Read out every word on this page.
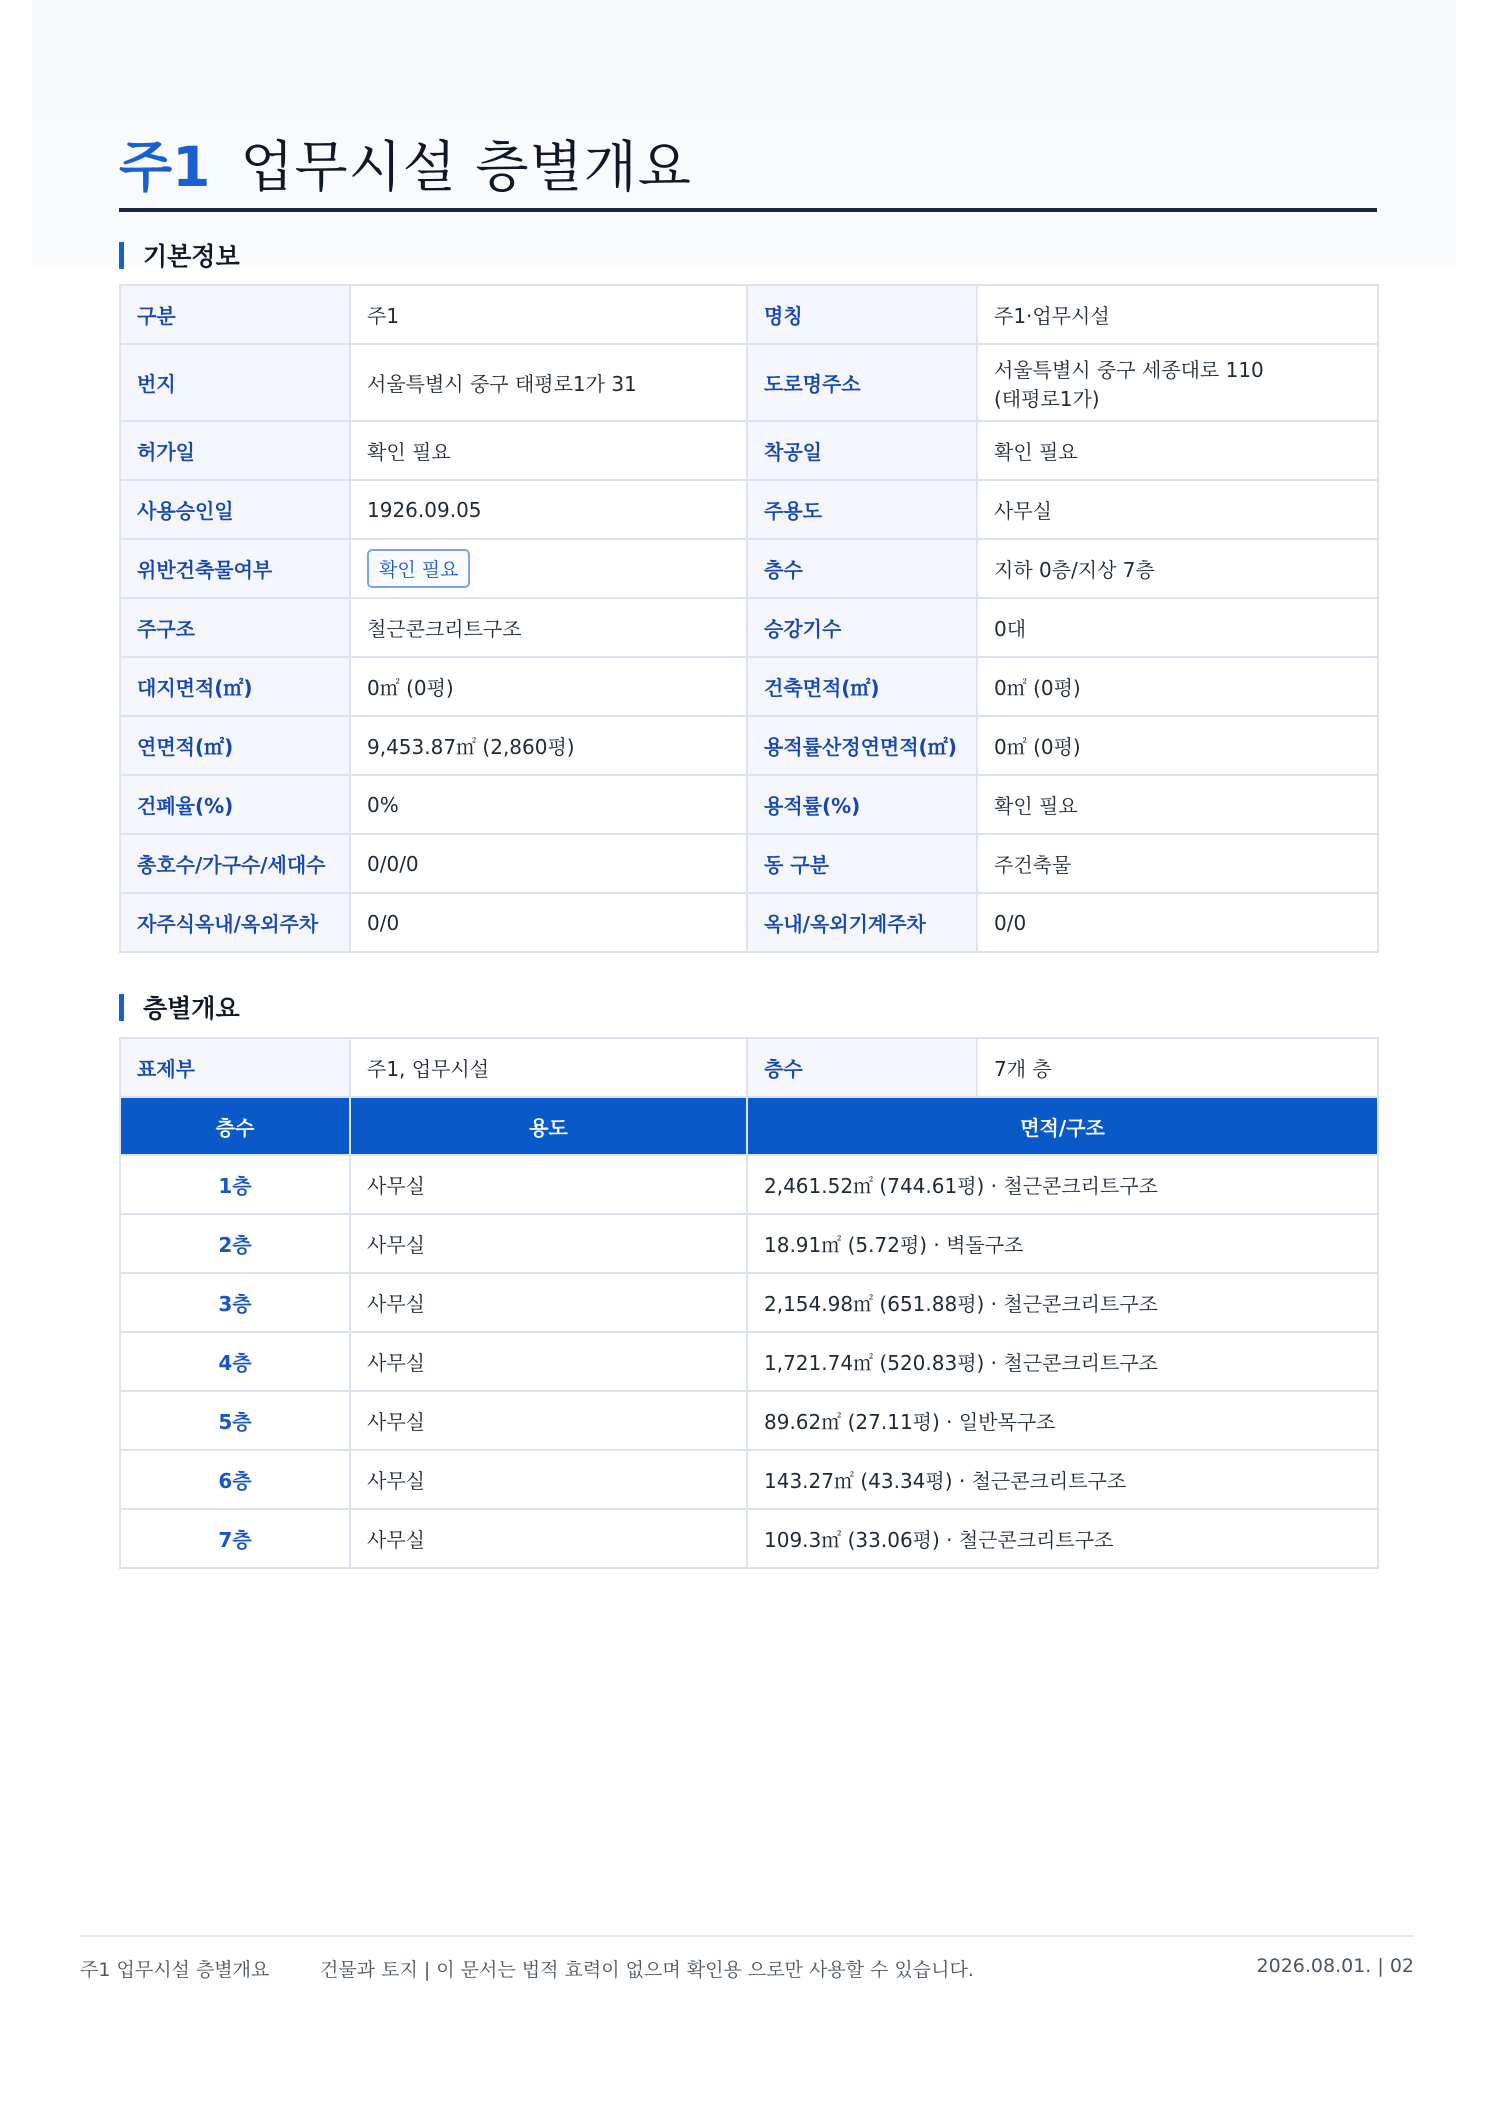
주1 업무시설 층별개요
기본정보
구분	주1	명칭	주1·업무시설
번지	서울특별시 중구 태평로1가 31	도로명주소	서울특별시 중구 세종대로 110
(태평로1가)

허가일	확인 필요	착공일	확인 필요
사용승인일	1926.09.05	주용도	사무실
위반건축물여부	확인 필요	층수	지하 0층/지상 7층
주구조	철근콘크리트구조	승강기수	0대
대지면적(㎡)	0㎡ (0평)	건축면적(㎡)	0㎡ (0평)
연면적(㎡)	9,453.87㎡ (2,860평)	용적률산정연면적(㎡)	0㎡ (0평)
건폐율(%)	0%	용적률(%)	확인 필요
총호수/가구수/세대수	0/0/0	동 구분	주건축물
자주식옥내/옥외주차	0/0	옥내/옥외기계주차	0/0
층별개요
표제부	주1, 업무시설	층수	7개 층
층수	용도	면적/구조	
1층	사무실	2,461.52㎡ (744.61평) · 철근콘크리트구조	
2층	사무실	18.91㎡ (5.72평) · 벽돌구조	
3층	사무실	2,154.98㎡ (651.88평) · 철근콘크리트구조	
4층	사무실	1,721.74㎡ (520.83평) · 철근콘크리트구조	
5층	사무실	89.62㎡ (27.11평) · 일반목구조	
6층	사무실	143.27㎡ (43.34평) · 철근콘크리트구조	
7층	사무실	109.3㎡ (33.06평) · 철근콘크리트구조	
주1 업무시설 층별개요	건물과 토지 | 이 문서는 법적 효력이 없으며 확인용 으로만 사용할 수 있습니다.	2026.08.01. | 02
